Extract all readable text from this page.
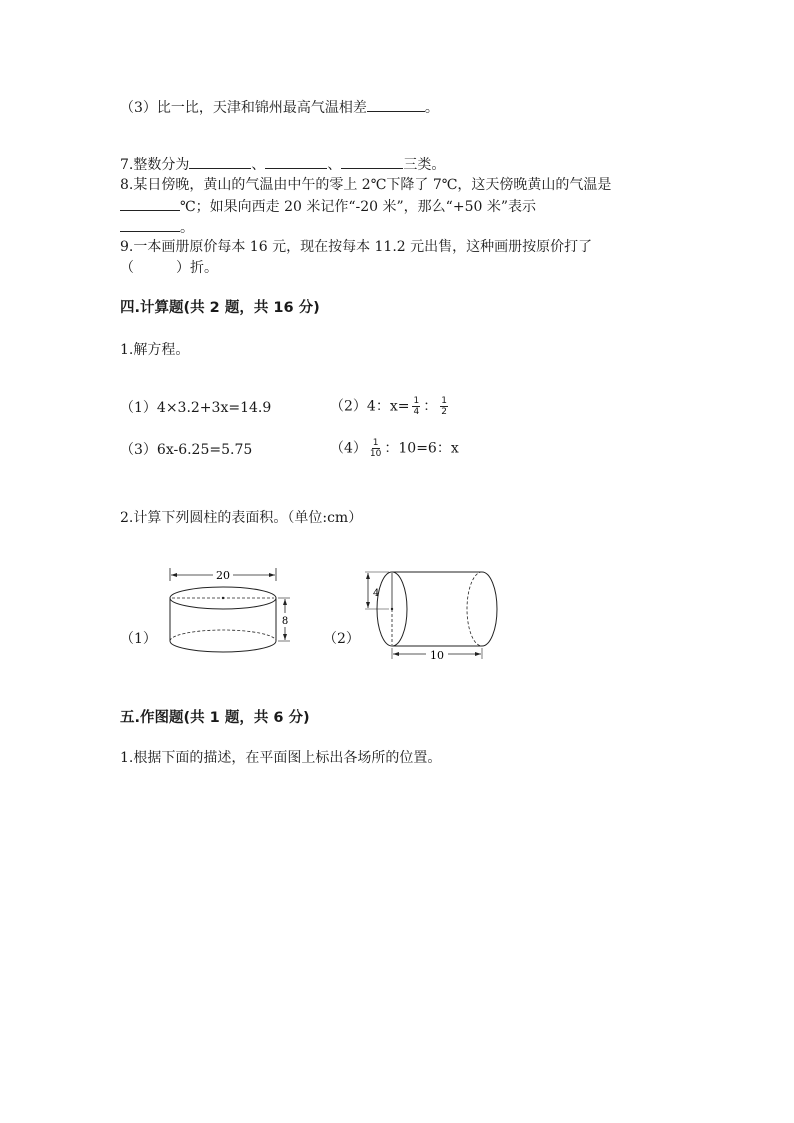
（3）比一比，天津和锦州最高气温相差	。
7.整数分为	、	、	三类。
8.某日傍晚，黄山的气温由中午的零上 2℃下降了 7℃，这天傍晚黄山的气温是
℃；如果向西走 20 米记作“-20 米”，那么“+50 米”表示
。
9.一本画册原价每本 16 元，现在按每本 11.2 元出售，这种画册按原价打了
（　　　）折。
四.计算题(共 2 题，共 16 分)
1.解方程。
（1）4×3.2+3x=14.9	（2）4：$x= \frac{1}{4}$ ： $\frac{1}{2}$
（3）6x-6.25=5.75	$(4) \frac{1}{10}$ ：10=6：x
2.计算下列圆柱的表面积。（单位:cm）
（1）
20
8
（2）
4
10
五.作图题(共 1 题，共 6 分)
1.根据下面的描述，在平面图上标出各场所的位置。
